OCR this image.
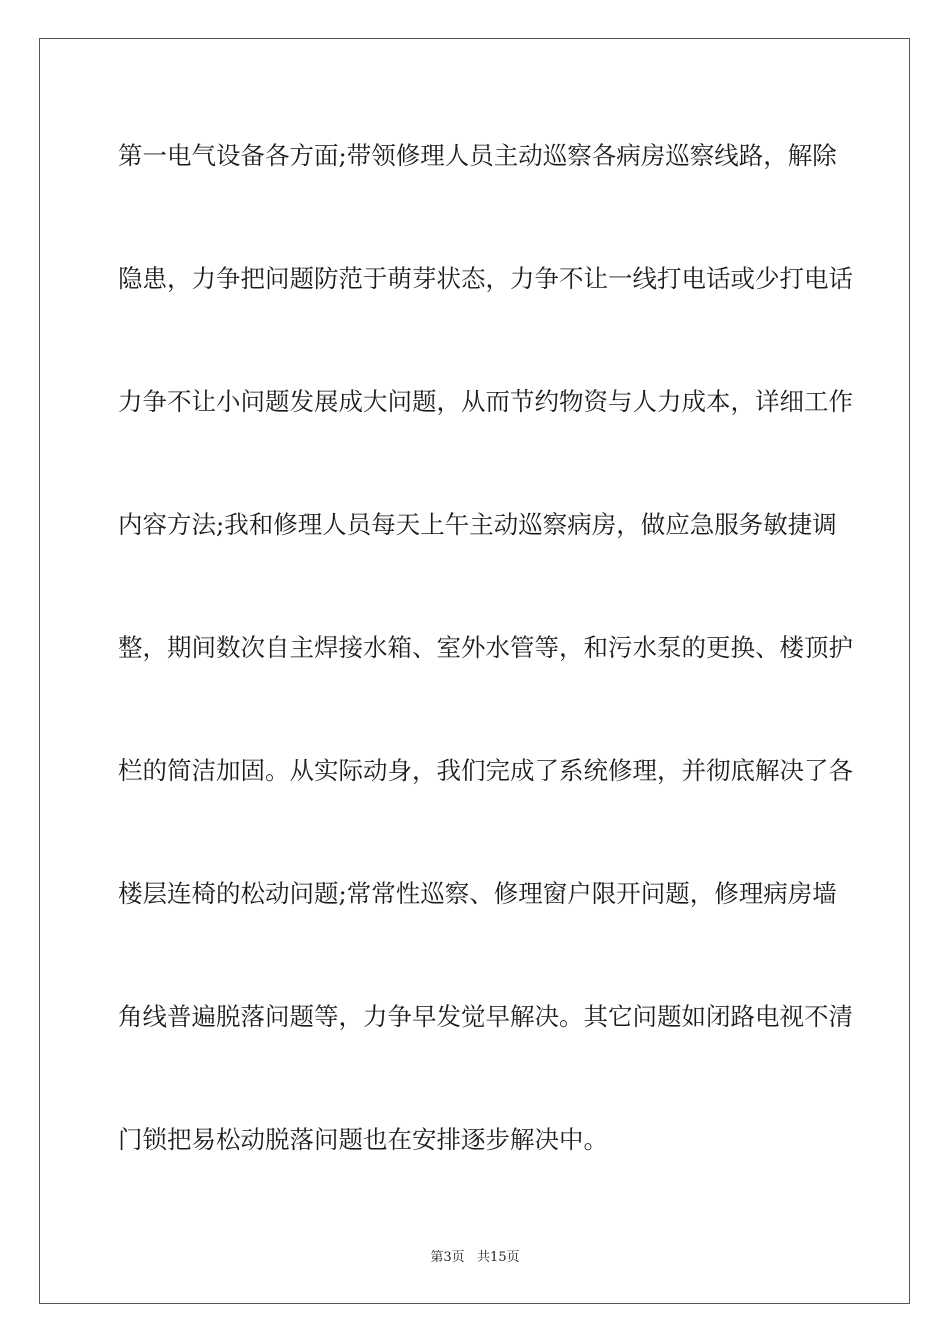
第一电气设备各方面;带领修理人员主动巡察各病房巡察线路，解除
隐患，力争把问题防范于萌芽状态，力争不让一线打电话或少打电话
力争不让小问题发展成大问题，从而节约物资与人力成本，详细工作
内容方法;我和修理人员每天上午主动巡察病房，做应急服务敏捷调
整，期间数次自主焊接水箱、室外水管等，和污水泵的更换、楼顶护
栏的简洁加固。从实际动身，我们完成了系统修理，并彻底解决了各
楼层连椅的松动问题;常常性巡察、修理窗户限开问题，修理病房墙
角线普遍脱落问题等，力争早发觉早解决。其它问题如闭路电视不清
门锁把易松动脱落问题也在安排逐步解决中。
第3页   共15页
